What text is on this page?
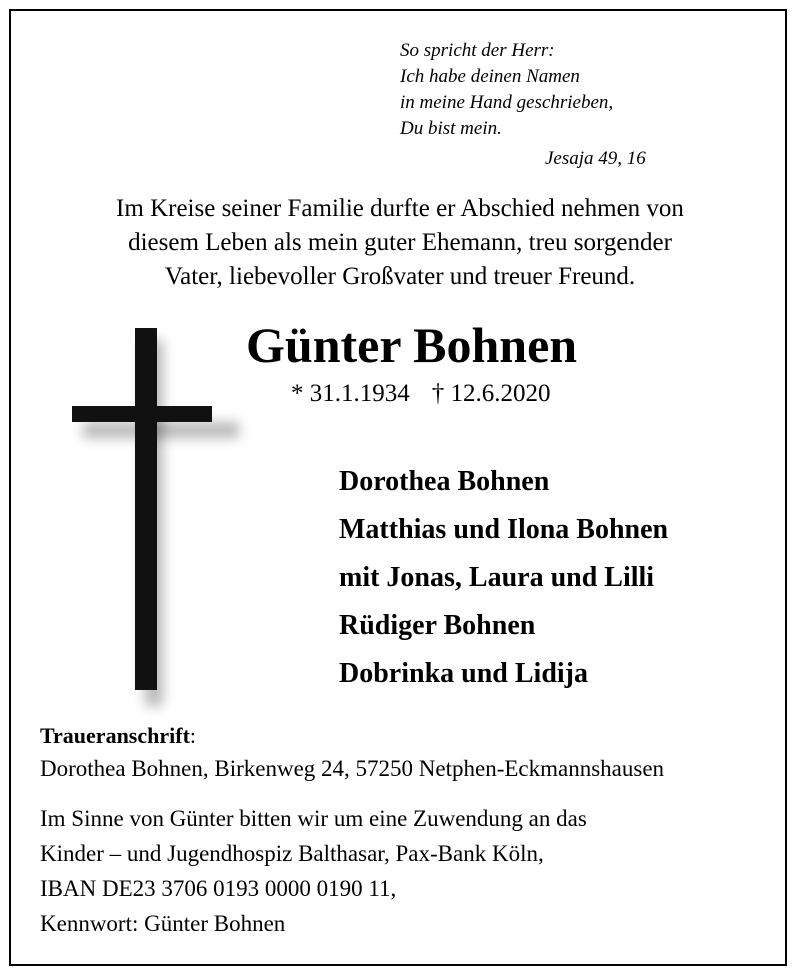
So spricht der Herr:
Ich habe deinen Namen
in meine Hand geschrieben,
Du bist mein.
Jesaja 49, 16
Im Kreise seiner Familie durfte er Abschied nehmen von
diesem Leben als mein guter Ehemann, treu sorgender
Vater, liebevoller Großvater und treuer Freund.
Günter Bohnen
* 31.1.1934 † 12.6.2020
Dorothea Bohnen
Matthias und Ilona Bohnen
mit Jonas, Laura und Lilli
Rüdiger Bohnen
Dobrinka und Lidija
Traueranschrift:
Dorothea Bohnen, Birkenweg 24, 57250 Netphen-Eckmannshausen
Im Sinne von Günter bitten wir um eine Zuwendung an das
Kinder – und Jugendhospiz Balthasar, Pax-Bank Köln,
IBAN DE23 3706 0193 0000 0190 11,
Kennwort: Günter Bohnen
